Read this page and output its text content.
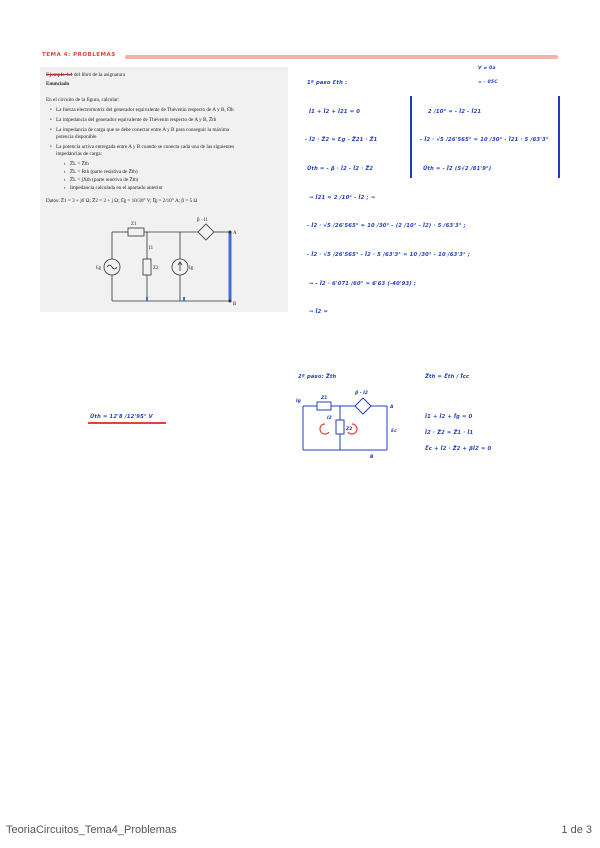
TEMA 4: PROBLEMAS
Ejemplo 4.4 del libro de la asignatura
Enunciado
En el circuito de la figura, calcular:
• La fuerza electromotriz del generador equivalente de Thévenin respecto de A y B, Ɛ̅th
• La impedancia del generador equivalente de Thévenin respecto de A y B, Z̅th
• La impedancia de carga que se debe conectar entre A y B para conseguir la máxima
potencia disponible
• La potencia activa entregada entre A y B cuando se conecta cada una de las siguientes
impedancias de carga:
▪ Z̅L = Z̅th
▪ Z̅L = Rth (parte resistiva de Z̅th)
▪ Z̅L = jXth (parte reactiva de Z̅th)
▪ Impedancia calculada en el apartado anterior
Datos: Z̅1 = 3 + j6 Ω; Z̅2 = 2 + j Ω; Ɛ̅g = 10/30° V; Ī̅g = 2/10° A; β = 5 Ω
Z1
Z2
I1
Ɛg	Ig
β · I1
A
B
V ≠ 0a
= - 05C
1º paso Ɛth :
Ī1 + Ī2 + Ī21 = 0
- Ī2 · Z̅2 = Ɛg - Z̅21 · Z̅1
Ūth = - β · Ī2 - Ī2 · Z̅2
2 /10° = - Ī2 - Ī21
- Ī2 · √5 /26'565° = 10 /30° - Ī21 · 5 /63'3°
Ūth = - Ī2 (5√2 /81'9°)
⇒ Ī21 = 2 /10° - Ī2 ; ⇒
- Ī2 · √5 /26'565° = 10 /30° - (2 /10° - Ī2) · 5 /63'3° ;
- Ī2 · √5 /26'565° - Ī2 · 5 /63'3° = 10 /30° - 10 /63'3° ;
⇒ - Ī2 · 6'071 /60° = 6'63 (-40'93) ;
⇒ Ī2 =
2º paso: Z̅th	Z̅th = Ɛ̅th / Ī̅cc
Z1
Z2
β · I2
A
B
Ɛc
I2
Ig
Ī1 + Ī2 + Ī̅g = 0
Ī2 · Z̅2 = Z̅1 · Ī1
Ɛ̅c + Ī2 · Z̅2 + βĪ2 = 0
Ūth = 12'8 /12'95° V
TeoriaCircuitos_Tema4_Problemas	1 de 3
